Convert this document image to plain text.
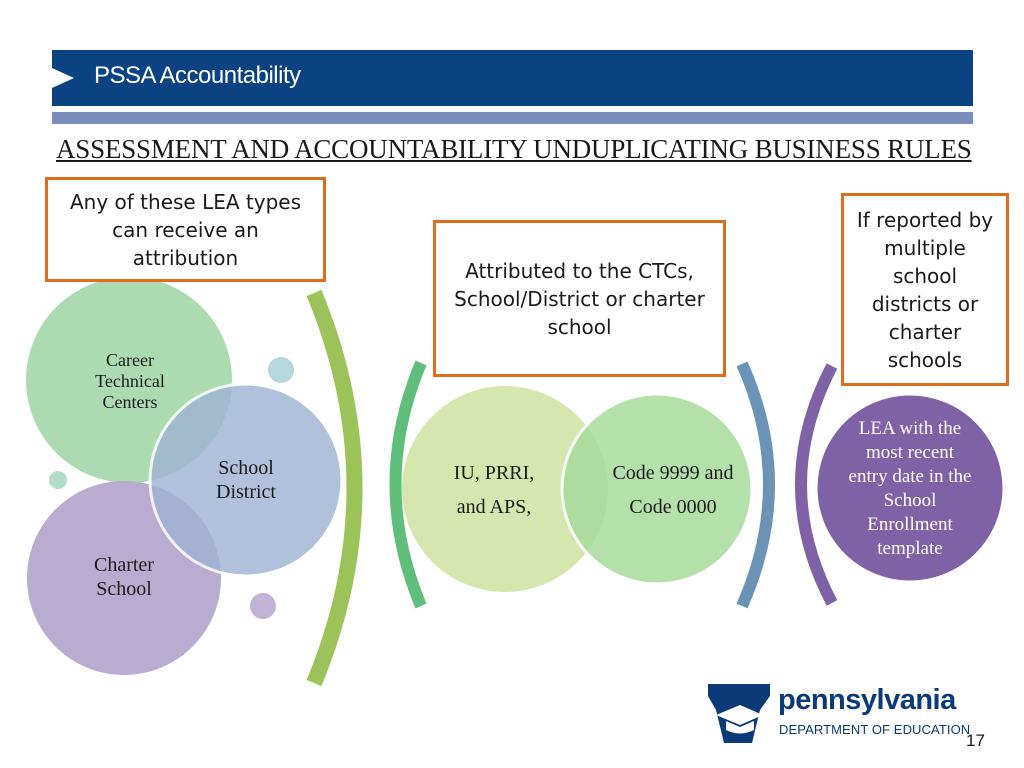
PSSA Accountability
ASSESSMENT AND ACCOUNTABILITY UNDUPLICATING BUSINESS RULES
Any of these LEA types can receive an attribution
Attributed to the CTCs, School/District or charter school
If reported by multiple school districts or charter schools
Career Technical Centers
School District
Charter School
IU, PRRI, and APS,
Code 9999 and Code 0000
LEA with the most recent entry date in the School Enrollment template
pennsylvania
DEPARTMENT OF EDUCATION
17
